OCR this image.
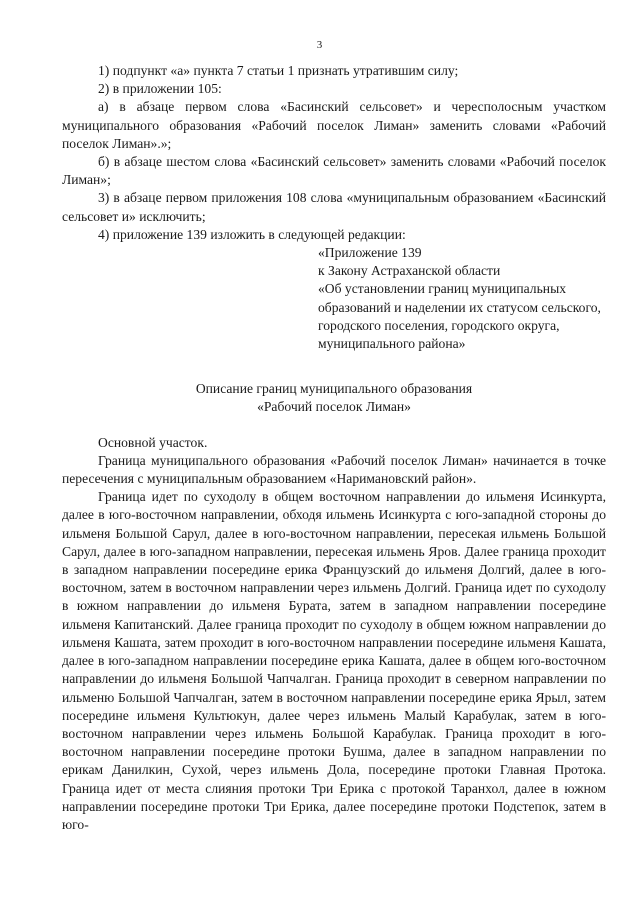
3

1) подпункт «а» пункта 7 статьи 1 признать утратившим силу;

2) в приложении 105:

а) в абзаце первом слова «Басинский сельсовет» и чересполосным участком муниципального образования «Рабочий поселок Лиман» заменить словами «Рабочий поселок Лиман».»;

б) в абзаце шестом слова «Басинский сельсовет» заменить словами «Рабочий поселок Лиман»;

3) в абзаце первом приложения 108 слова «муниципальным образованием «Басинский сельсовет и» исключить;

4) приложение 139 изложить в следующей редакции:

«Приложение 139
к Закону Астраханской области
«Об установлении границ муниципальных образований и наделении их статусом сельского, городского поселения, городского округа, муниципального района»

Описание границ муниципального образования

«Рабочий поселок Лиман»

Основной участок.

Граница муниципального образования «Рабочий поселок Лиман» начинается в точке пересечения с муниципальным образованием «Наримановский район».

Граница идет по суходолу в общем восточном направлении до ильменя Исинкурта, далее в юго-восточном направлении, обходя ильмень Исинкурта с юго-западной стороны до ильменя Большой Сарул, далее в юго-восточном направлении, пересекая ильмень Большой Сарул, далее в юго-западном направлении, пересекая ильмень Яров. Далее граница проходит в западном направлении посередине ерика Французский до ильменя Долгий, далее в юго-восточном, затем в восточном направлении через ильмень Долгий. Граница идет по суходолу в южном направлении до ильменя Бурата, затем в западном направлении посередине ильменя Капитанский. Далее граница проходит по суходолу в общем южном направлении до ильменя Кашата, затем проходит в юго-восточном направлении посередине ильменя Кашата, далее в юго-западном направлении посередине ерика Кашата, далее в общем юго-восточном направлении до ильменя Большой Чапчалган. Граница проходит в северном направлении по ильменю Большой Чапчалган, затем в восточном направлении посередине ерика Ярыл, затем посередине ильменя Культюкун, далее через ильмень Малый Карабулак, затем в юго-восточном направлении через ильмень Большой Карабулак. Граница проходит в юго-восточном направлении посередине протоки Бушма, далее в западном направлении по ерикам Данилкин, Сухой, через ильмень Дола, посередине протоки Главная Протока. Граница идет от места слияния протоки Три Ерика с протокой Таранхол, далее в южном направлении посередине протоки Три Ерика, далее посередине протоки Подстепок, затем в юго-
